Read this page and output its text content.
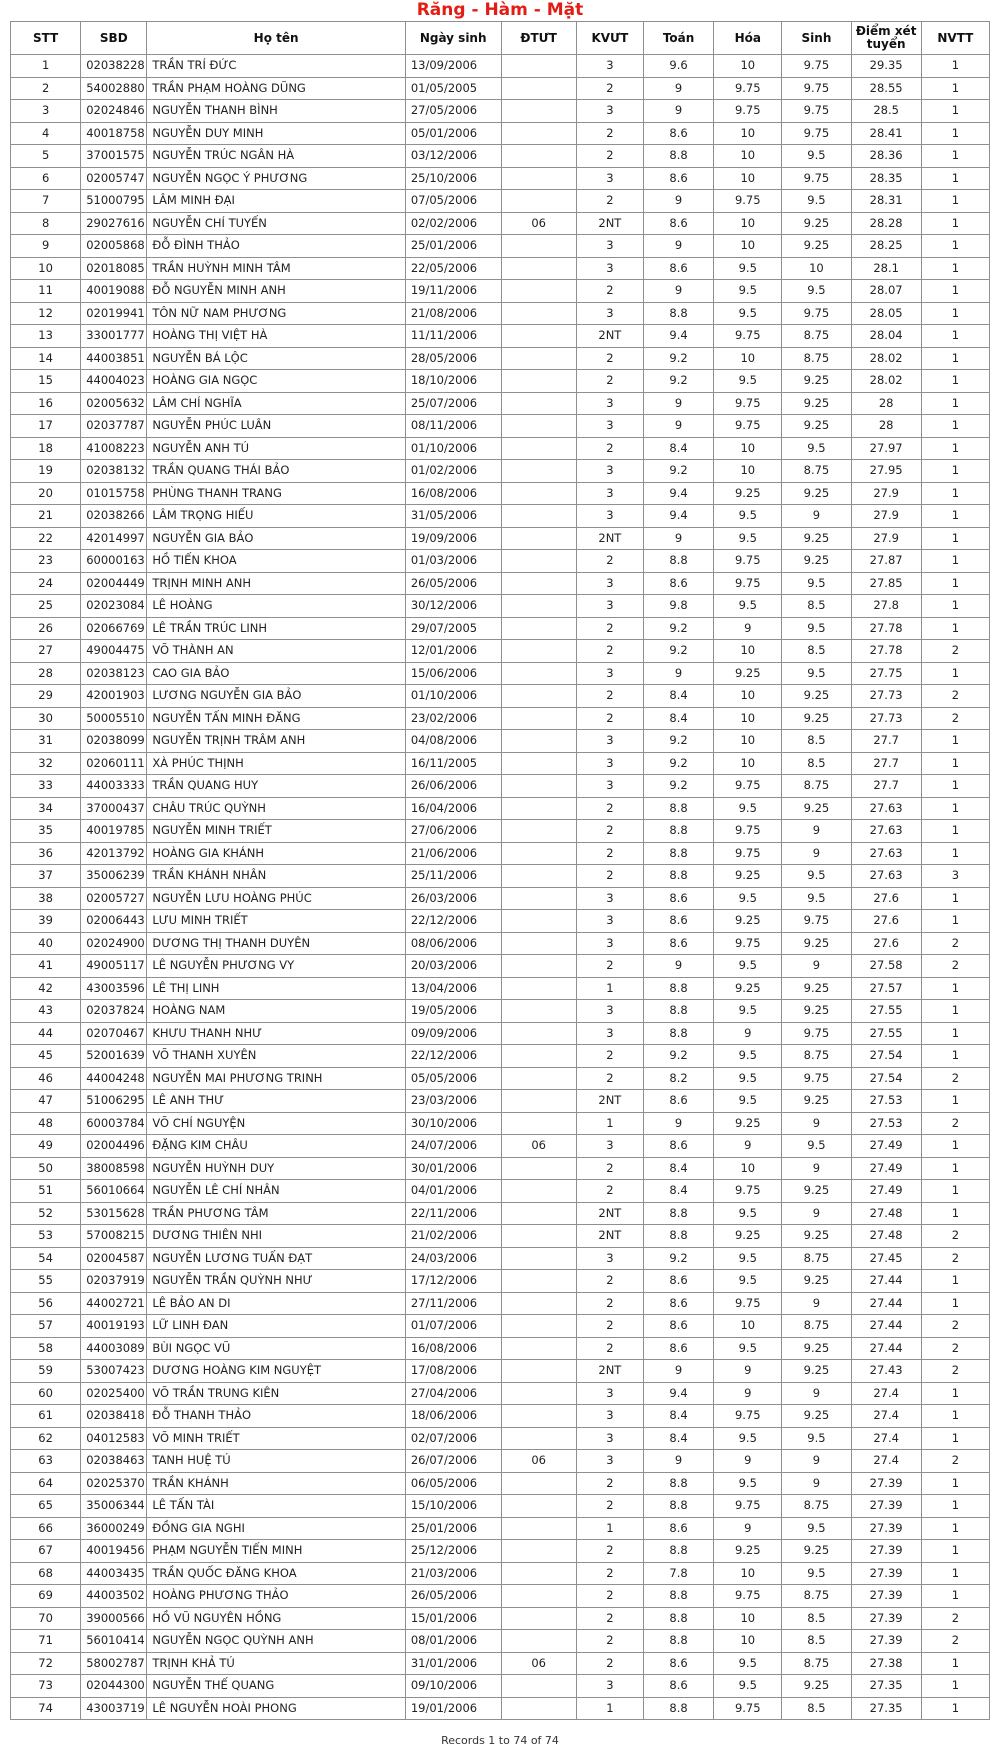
Răng - Hàm - Mặt
STT	SBD	Họ tên	Ngày sinh	ĐTƯT	KVƯT	Toán	Hóa	Sinh	Điểm xét tuyển	NVTT
1	02038228	TRẦN TRÍ ĐỨC	13/09/2006		3	9.6	10	9.75	29.35	1
2	54002880	TRẦN PHẠM HOÀNG DŨNG	01/05/2005		2	9	9.75	9.75	28.55	1
3	02024846	NGUYỄN THANH BÌNH	27/05/2006		3	9	9.75	9.75	28.5	1
4	40018758	NGUYỄN DUY MINH	05/01/2006		2	8.6	10	9.75	28.41	1
5	37001575	NGUYỄN TRÚC NGÂN HÀ	03/12/2006		2	8.8	10	9.5	28.36	1
6	02005747	NGUYỄN NGỌC Ý PHƯƠNG	25/10/2006		3	8.6	10	9.75	28.35	1
7	51000795	LÂM MINH ĐẠI	07/05/2006		2	9	9.75	9.5	28.31	1
8	29027616	NGUYỄN CHÍ TUYẾN	02/02/2006	06	2NT	8.6	10	9.25	28.28	1
9	02005868	ĐỖ ĐÌNH THẢO	25/01/2006		3	9	10	9.25	28.25	1
10	02018085	TRẦN HUỲNH MINH TÂM	22/05/2006		3	8.6	9.5	10	28.1	1
11	40019088	ĐỖ NGUYỄN MINH ANH	19/11/2006		2	9	9.5	9.5	28.07	1
12	02019941	TÔN NỮ NAM PHƯƠNG	21/08/2006		3	8.8	9.5	9.75	28.05	1
13	33001777	HOÀNG THỊ VIỆT HÀ	11/11/2006		2NT	9.4	9.75	8.75	28.04	1
14	44003851	NGUYỄN BÁ LỘC	28/05/2006		2	9.2	10	8.75	28.02	1
15	44004023	HOÀNG GIA NGỌC	18/10/2006		2	9.2	9.5	9.25	28.02	1
16	02005632	LÂM CHÍ NGHĨA	25/07/2006		3	9	9.75	9.25	28	1
17	02037787	NGUYỄN PHÚC LUÂN	08/11/2006		3	9	9.75	9.25	28	1
18	41008223	NGUYỄN ANH TÚ	01/10/2006		2	8.4	10	9.5	27.97	1
19	02038132	TRẦN QUANG THÁI BẢO	01/02/2006		3	9.2	10	8.75	27.95	1
20	01015758	PHÙNG THANH TRANG	16/08/2006		3	9.4	9.25	9.25	27.9	1
21	02038266	LÂM TRỌNG HIẾU	31/05/2006		3	9.4	9.5	9	27.9	1
22	42014997	NGUYỄN GIA BẢO	19/09/2006		2NT	9	9.5	9.25	27.9	1
23	60000163	HỒ TIẾN KHOA	01/03/2006		2	8.8	9.75	9.25	27.87	1
24	02004449	TRỊNH MINH ANH	26/05/2006		3	8.6	9.75	9.5	27.85	1
25	02023084	LÊ HOÀNG	30/12/2006		3	9.8	9.5	8.5	27.8	1
26	02066769	LÊ TRẦN TRÚC LINH	29/07/2005		2	9.2	9	9.5	27.78	1
27	49004475	VÕ THÀNH AN	12/01/2006		2	9.2	10	8.5	27.78	2
28	02038123	CAO GIA BẢO	15/06/2006		3	9	9.25	9.5	27.75	1
29	42001903	LƯƠNG NGUYỄN GIA BẢO	01/10/2006		2	8.4	10	9.25	27.73	2
30	50005510	NGUYỄN TẤN MINH ĐĂNG	23/02/2006		2	8.4	10	9.25	27.73	2
31	02038099	NGUYỄN TRỊNH TRÂM ANH	04/08/2006		3	9.2	10	8.5	27.7	1
32	02060111	XÀ PHÚC THỊNH	16/11/2005		3	9.2	10	8.5	27.7	1
33	44003333	TRẦN QUANG HUY	26/06/2006		3	9.2	9.75	8.75	27.7	1
34	37000437	CHÂU TRÚC QUỲNH	16/04/2006		2	8.8	9.5	9.25	27.63	1
35	40019785	NGUYỄN MINH TRIẾT	27/06/2006		2	8.8	9.75	9	27.63	1
36	42013792	HOÀNG GIA KHÁNH	21/06/2006		2	8.8	9.75	9	27.63	1
37	35006239	TRẦN KHÁNH NHÂN	25/11/2006		2	8.8	9.25	9.5	27.63	3
38	02005727	NGUYỄN LƯU HOÀNG PHÚC	26/03/2006		3	8.6	9.5	9.5	27.6	1
39	02006443	LƯU MINH TRIẾT	22/12/2006		3	8.6	9.25	9.75	27.6	1
40	02024900	DƯƠNG THỊ THANH DUYÊN	08/06/2006		3	8.6	9.75	9.25	27.6	2
41	49005117	LÊ NGUYỄN PHƯƠNG VY	20/03/2006		2	9	9.5	9	27.58	2
42	43003596	LÊ THỊ LINH	13/04/2006		1	8.8	9.25	9.25	27.57	1
43	02037824	HOÀNG NAM	19/05/2006		3	8.8	9.5	9.25	27.55	1
44	02070467	KHƯU THANH NHƯ	09/09/2006		3	8.8	9	9.75	27.55	1
45	52001639	VÕ THANH XUYÊN	22/12/2006		2	9.2	9.5	8.75	27.54	1
46	44004248	NGUYỄN MAI PHƯƠNG TRINH	05/05/2006		2	8.2	9.5	9.75	27.54	2
47	51006295	LÊ ANH THƯ	23/03/2006		2NT	8.6	9.5	9.25	27.53	1
48	60003784	VÕ CHÍ NGUYỆN	30/10/2006		1	9	9.25	9	27.53	2
49	02004496	ĐẶNG KIM CHÂU	24/07/2006	06	3	8.6	9	9.5	27.49	1
50	38008598	NGUYỄN HUỲNH DUY	30/01/2006		2	8.4	10	9	27.49	1
51	56010664	NGUYỄN LÊ CHÍ NHÂN	04/01/2006		2	8.4	9.75	9.25	27.49	1
52	53015628	TRẦN PHƯƠNG TÂM	22/11/2006		2NT	8.8	9.5	9	27.48	1
53	57008215	DƯƠNG THIÊN NHI	21/02/2006		2NT	8.8	9.25	9.25	27.48	2
54	02004587	NGUYỄN LƯƠNG TUẤN ĐẠT	24/03/2006		3	9.2	9.5	8.75	27.45	2
55	02037919	NGUYỄN TRẦN QUỲNH NHƯ	17/12/2006		2	8.6	9.5	9.25	27.44	1
56	44002721	LÊ BẢO AN DI	27/11/2006		2	8.6	9.75	9	27.44	1
57	40019193	LỮ LINH ĐAN	01/07/2006		2	8.6	10	8.75	27.44	2
58	44003089	BÙI NGỌC VŨ	16/08/2006		2	8.6	9.5	9.25	27.44	2
59	53007423	DƯƠNG HOÀNG KIM NGUYỆT	17/08/2006		2NT	9	9	9.25	27.43	2
60	02025400	VÕ TRẦN TRUNG KIÊN	27/04/2006		3	9.4	9	9	27.4	1
61	02038418	ĐỖ THANH THẢO	18/06/2006		3	8.4	9.75	9.25	27.4	1
62	04012583	VÕ MINH TRIẾT	02/07/2006		3	8.4	9.5	9.5	27.4	1
63	02038463	TANH HUỆ TÚ	26/07/2006	06	3	9	9	9	27.4	2
64	02025370	TRẦN KHÁNH	06/05/2006		2	8.8	9.5	9	27.39	1
65	35006344	LÊ TẤN TÀI	15/10/2006		2	8.8	9.75	8.75	27.39	1
66	36000249	ĐỒNG GIA NGHI	25/01/2006		1	8.6	9	9.5	27.39	1
67	40019456	PHẠM NGUYỄN TIẾN MINH	25/12/2006		2	8.8	9.25	9.25	27.39	1
68	44003435	TRẦN QUỐC ĐĂNG KHOA	21/03/2006		2	7.8	10	9.5	27.39	1
69	44003502	HOÀNG PHƯƠNG THẢO	26/05/2006		2	8.8	9.75	8.75	27.39	1
70	39000566	HỒ VŨ NGUYÊN HỒNG	15/01/2006		2	8.8	10	8.5	27.39	2
71	56010414	NGUYỄN NGỌC QUỲNH ANH	08/01/2006		2	8.8	10	8.5	27.39	2
72	58002787	TRỊNH KHẢ TÚ	31/01/2006	06	2	8.6	9.5	8.75	27.38	1
73	02044300	NGUYỄN THẾ QUANG	09/10/2006		3	8.6	9.5	9.25	27.35	1
74	43003719	LÊ NGUYỄN HOÀI PHONG	19/01/2006		1	8.8	9.75	8.5	27.35	1
Records 1 to 74 of 74
